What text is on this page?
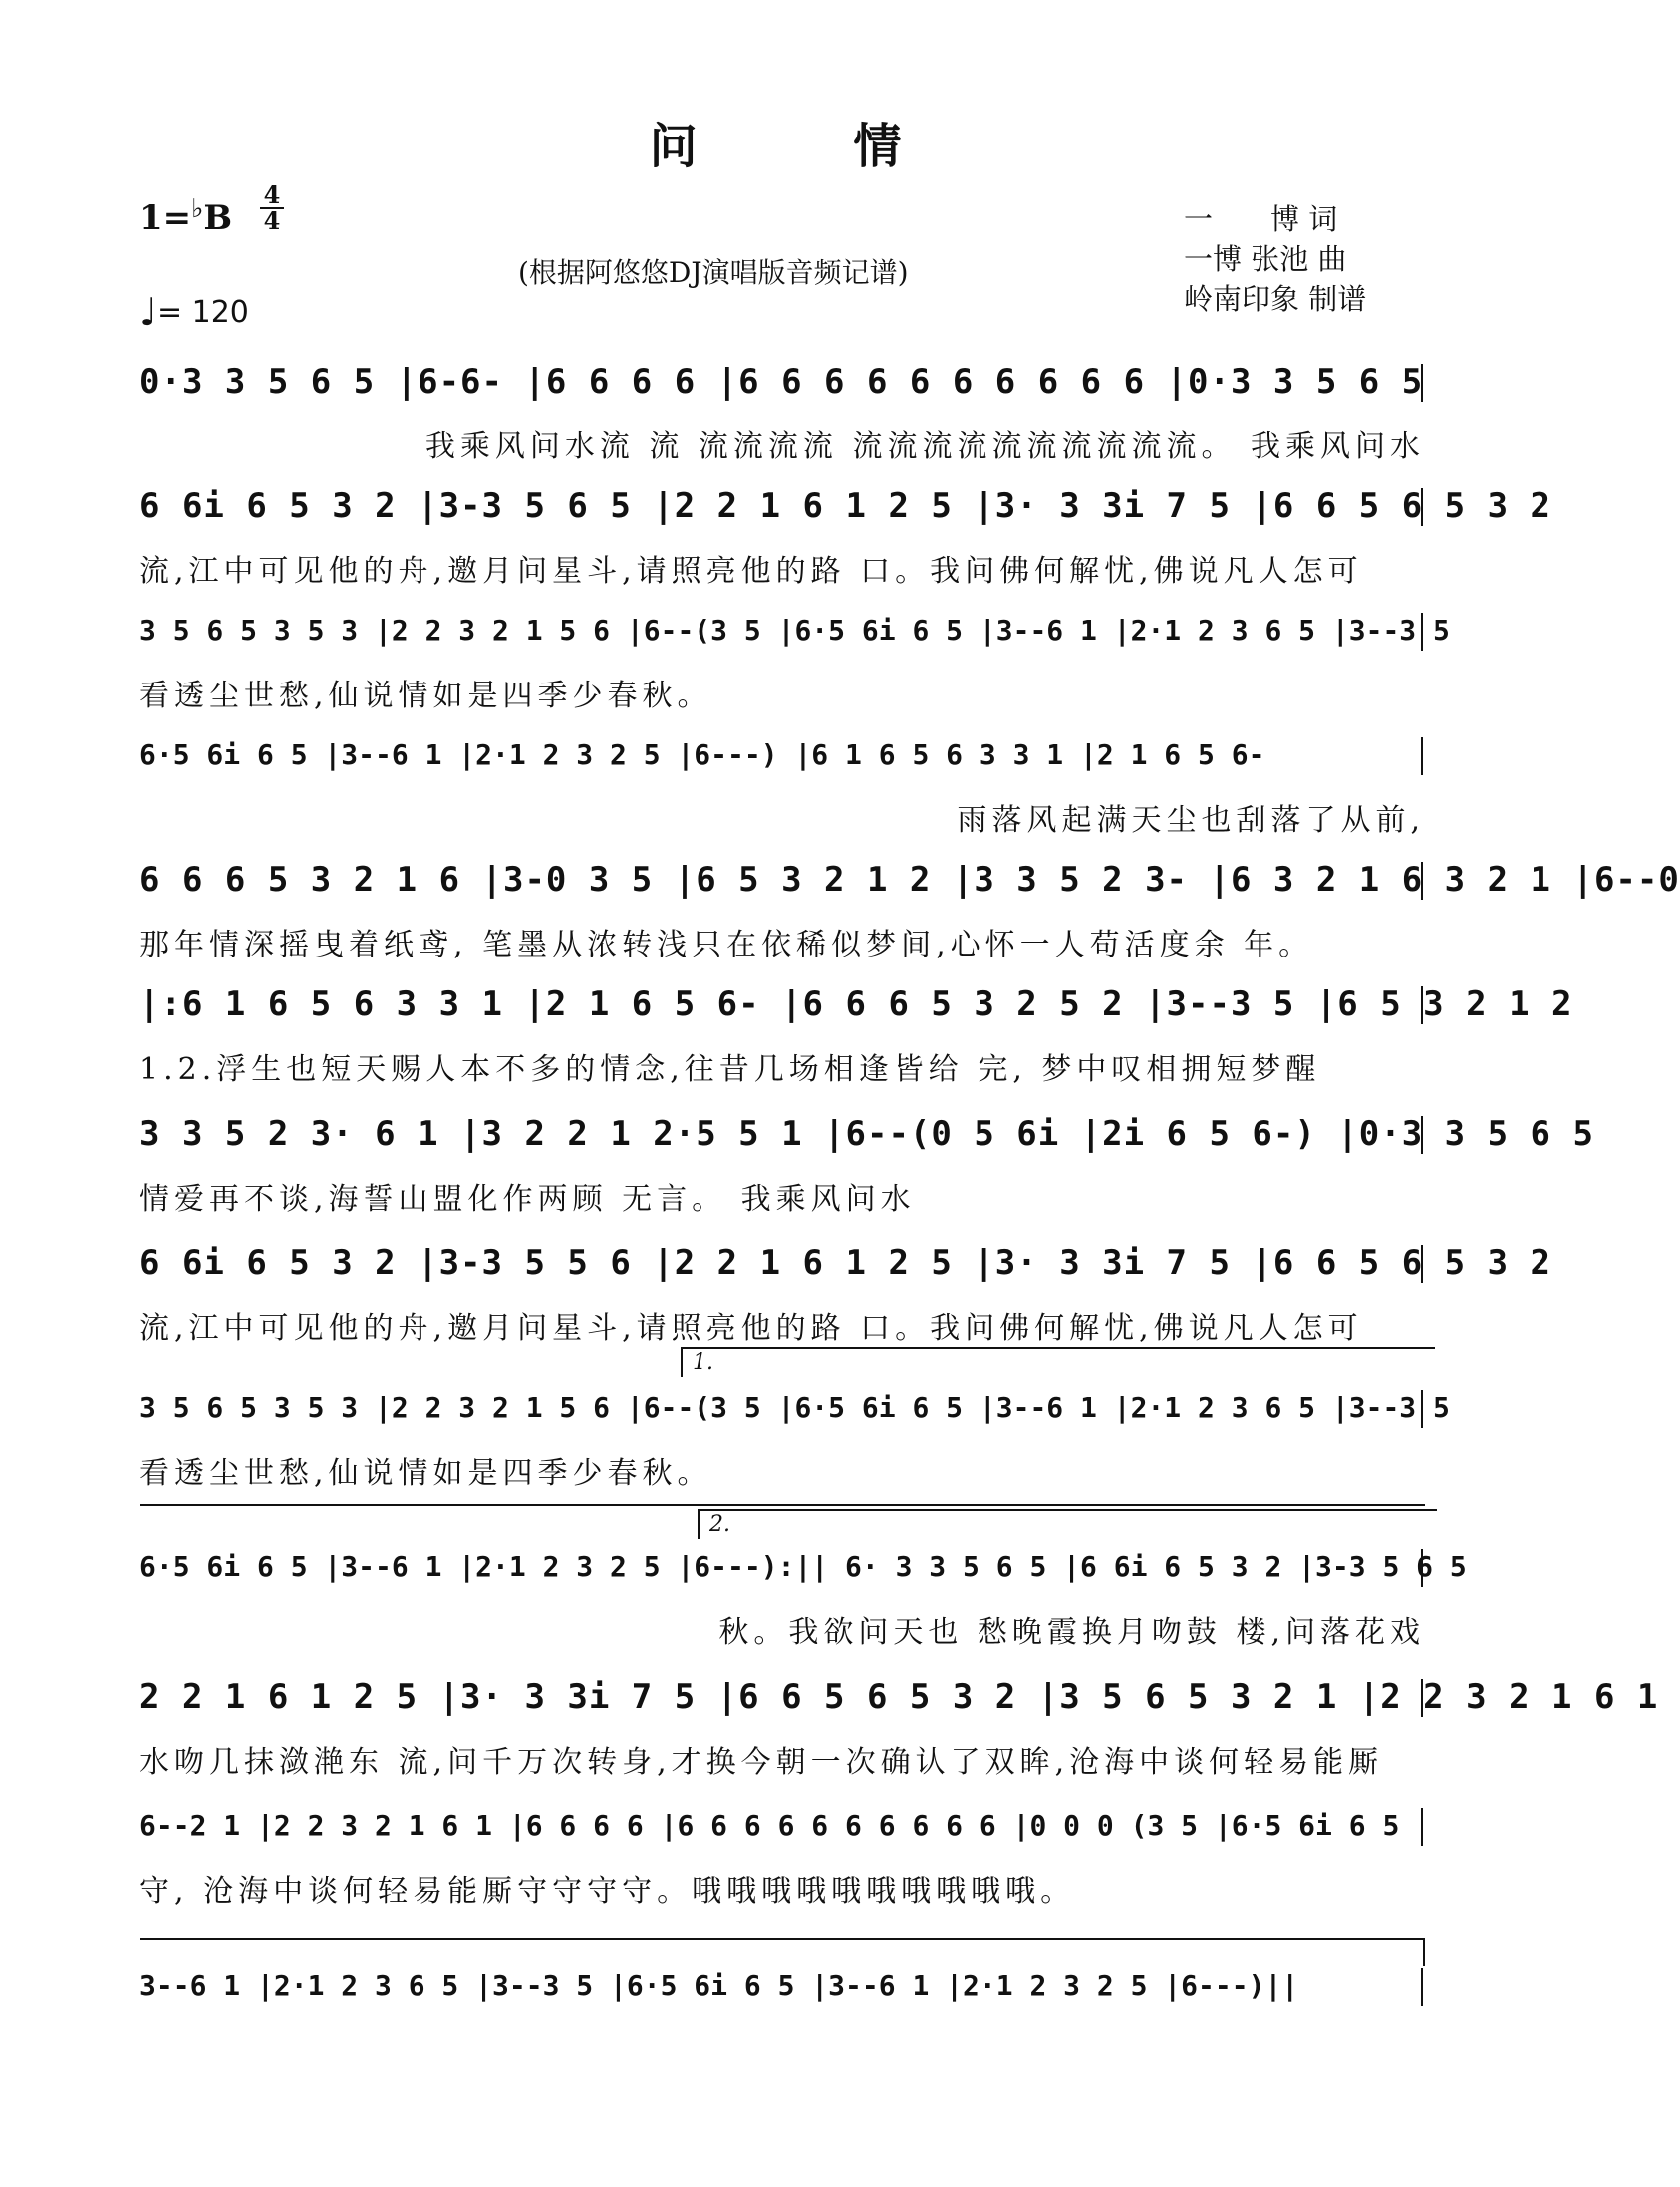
问 情
1=♭B
4
4
♩= 120
(根据阿悠悠DJ演唱版音频记谱)
一　　博 词
一博 张池 曲
岭南印象 制谱
0·3 3 5 6 5 |6-6- |6 6 6 6 |6 6 6 6 6 6 6 6 6 6 |0·3 3 5 6 5
我乘风问水流 流 流流流流 流流流流流流流流流流。 我乘风问水
6 6i 6 5 3 2 |3-3 5 6 5 |2 2 1 6 1 2 5 |3· 3 3i 7 5 |6 6 5 6 5 3 2
流,江中可见他的舟,邀月问星斗,请照亮他的路 口。我问佛何解忧,佛说凡人怎可
3 5 6 5 3 5 3 |2 2 3 2 1 5 6 |6--(3 5 |6·5 6i 6 5 |3--6 1 |2·1 2 3 6 5 |3--3 5
看透尘世愁,仙说情如是四季少春秋。
6·5 6i 6 5 |3--6 1 |2·1 2 3 2 5 |6---) |6 1 6 5 6 3 3 1 |2 1 6 5 6-
雨落风起满天尘也刮落了从前,
6 6 6 5 3 2 1 6 |3-0 3 5 |6 5 3 2 1 2 |3 3 5 2 3- |6 3 2 1 6 3 2 1 |6--0
那年情深摇曳着纸鸢, 笔墨从浓转浅只在依稀似梦间,心怀一人苟活度余 年。
|:6 1 6 5 6 3 3 1 |2 1 6 5 6- |6 6 6 5 3 2 5 2 |3--3 5 |6 5 3 2 1 2
1.2.浮生也短天赐人本不多的情念,往昔几场相逢皆给 完, 梦中叹相拥短梦醒
3 3 5 2 3· 6 1 |3 2 2 1 2·5 5 1 |6--(0 5 6i |2i 6 5 6-) |0·3 3 5 6 5
情爱再不谈,海誓山盟化作两顾 无言。 我乘风问水
6 6i 6 5 3 2 |3-3 5 5 6 |2 2 1 6 1 2 5 |3· 3 3i 7 5 |6 6 5 6 5 3 2
流,江中可见他的舟,邀月问星斗,请照亮他的路 口。我问佛何解忧,佛说凡人怎可
1.
3 5 6 5 3 5 3 |2 2 3 2 1 5 6 |6--(3 5 |6·5 6i 6 5 |3--6 1 |2·1 2 3 6 5 |3--3 5
看透尘世愁,仙说情如是四季少春秋。
2.
6·5 6i 6 5 |3--6 1 |2·1 2 3 2 5 |6---):|| 6· 3 3 5 6 5 |6 6i 6 5 3 2 |3-3 5 6 5
秋。我欲问天也 愁晚霞换月吻鼓 楼,问落花戏
2 2 1 6 1 2 5 |3· 3 3i 7 5 |6 6 5 6 5 3 2 |3 5 6 5 3 2 1 |2 2 3 2 1 6 1
水吻几抹潋滟东 流,问千万次转身,才换今朝一次确认了双眸,沧海中谈何轻易能厮
6--2 1 |2 2 3 2 1 6 1 |6 6 6 6 |6 6 6 6 6 6 6 6 6 6 |0 0 0 (3 5 |6·5 6i 6 5
守, 沧海中谈何轻易能厮守守守守。哦哦哦哦哦哦哦哦哦哦。
3--6 1 |2·1 2 3 6 5 |3--3 5 |6·5 6i 6 5 |3--6 1 |2·1 2 3 2 5 |6---)||
